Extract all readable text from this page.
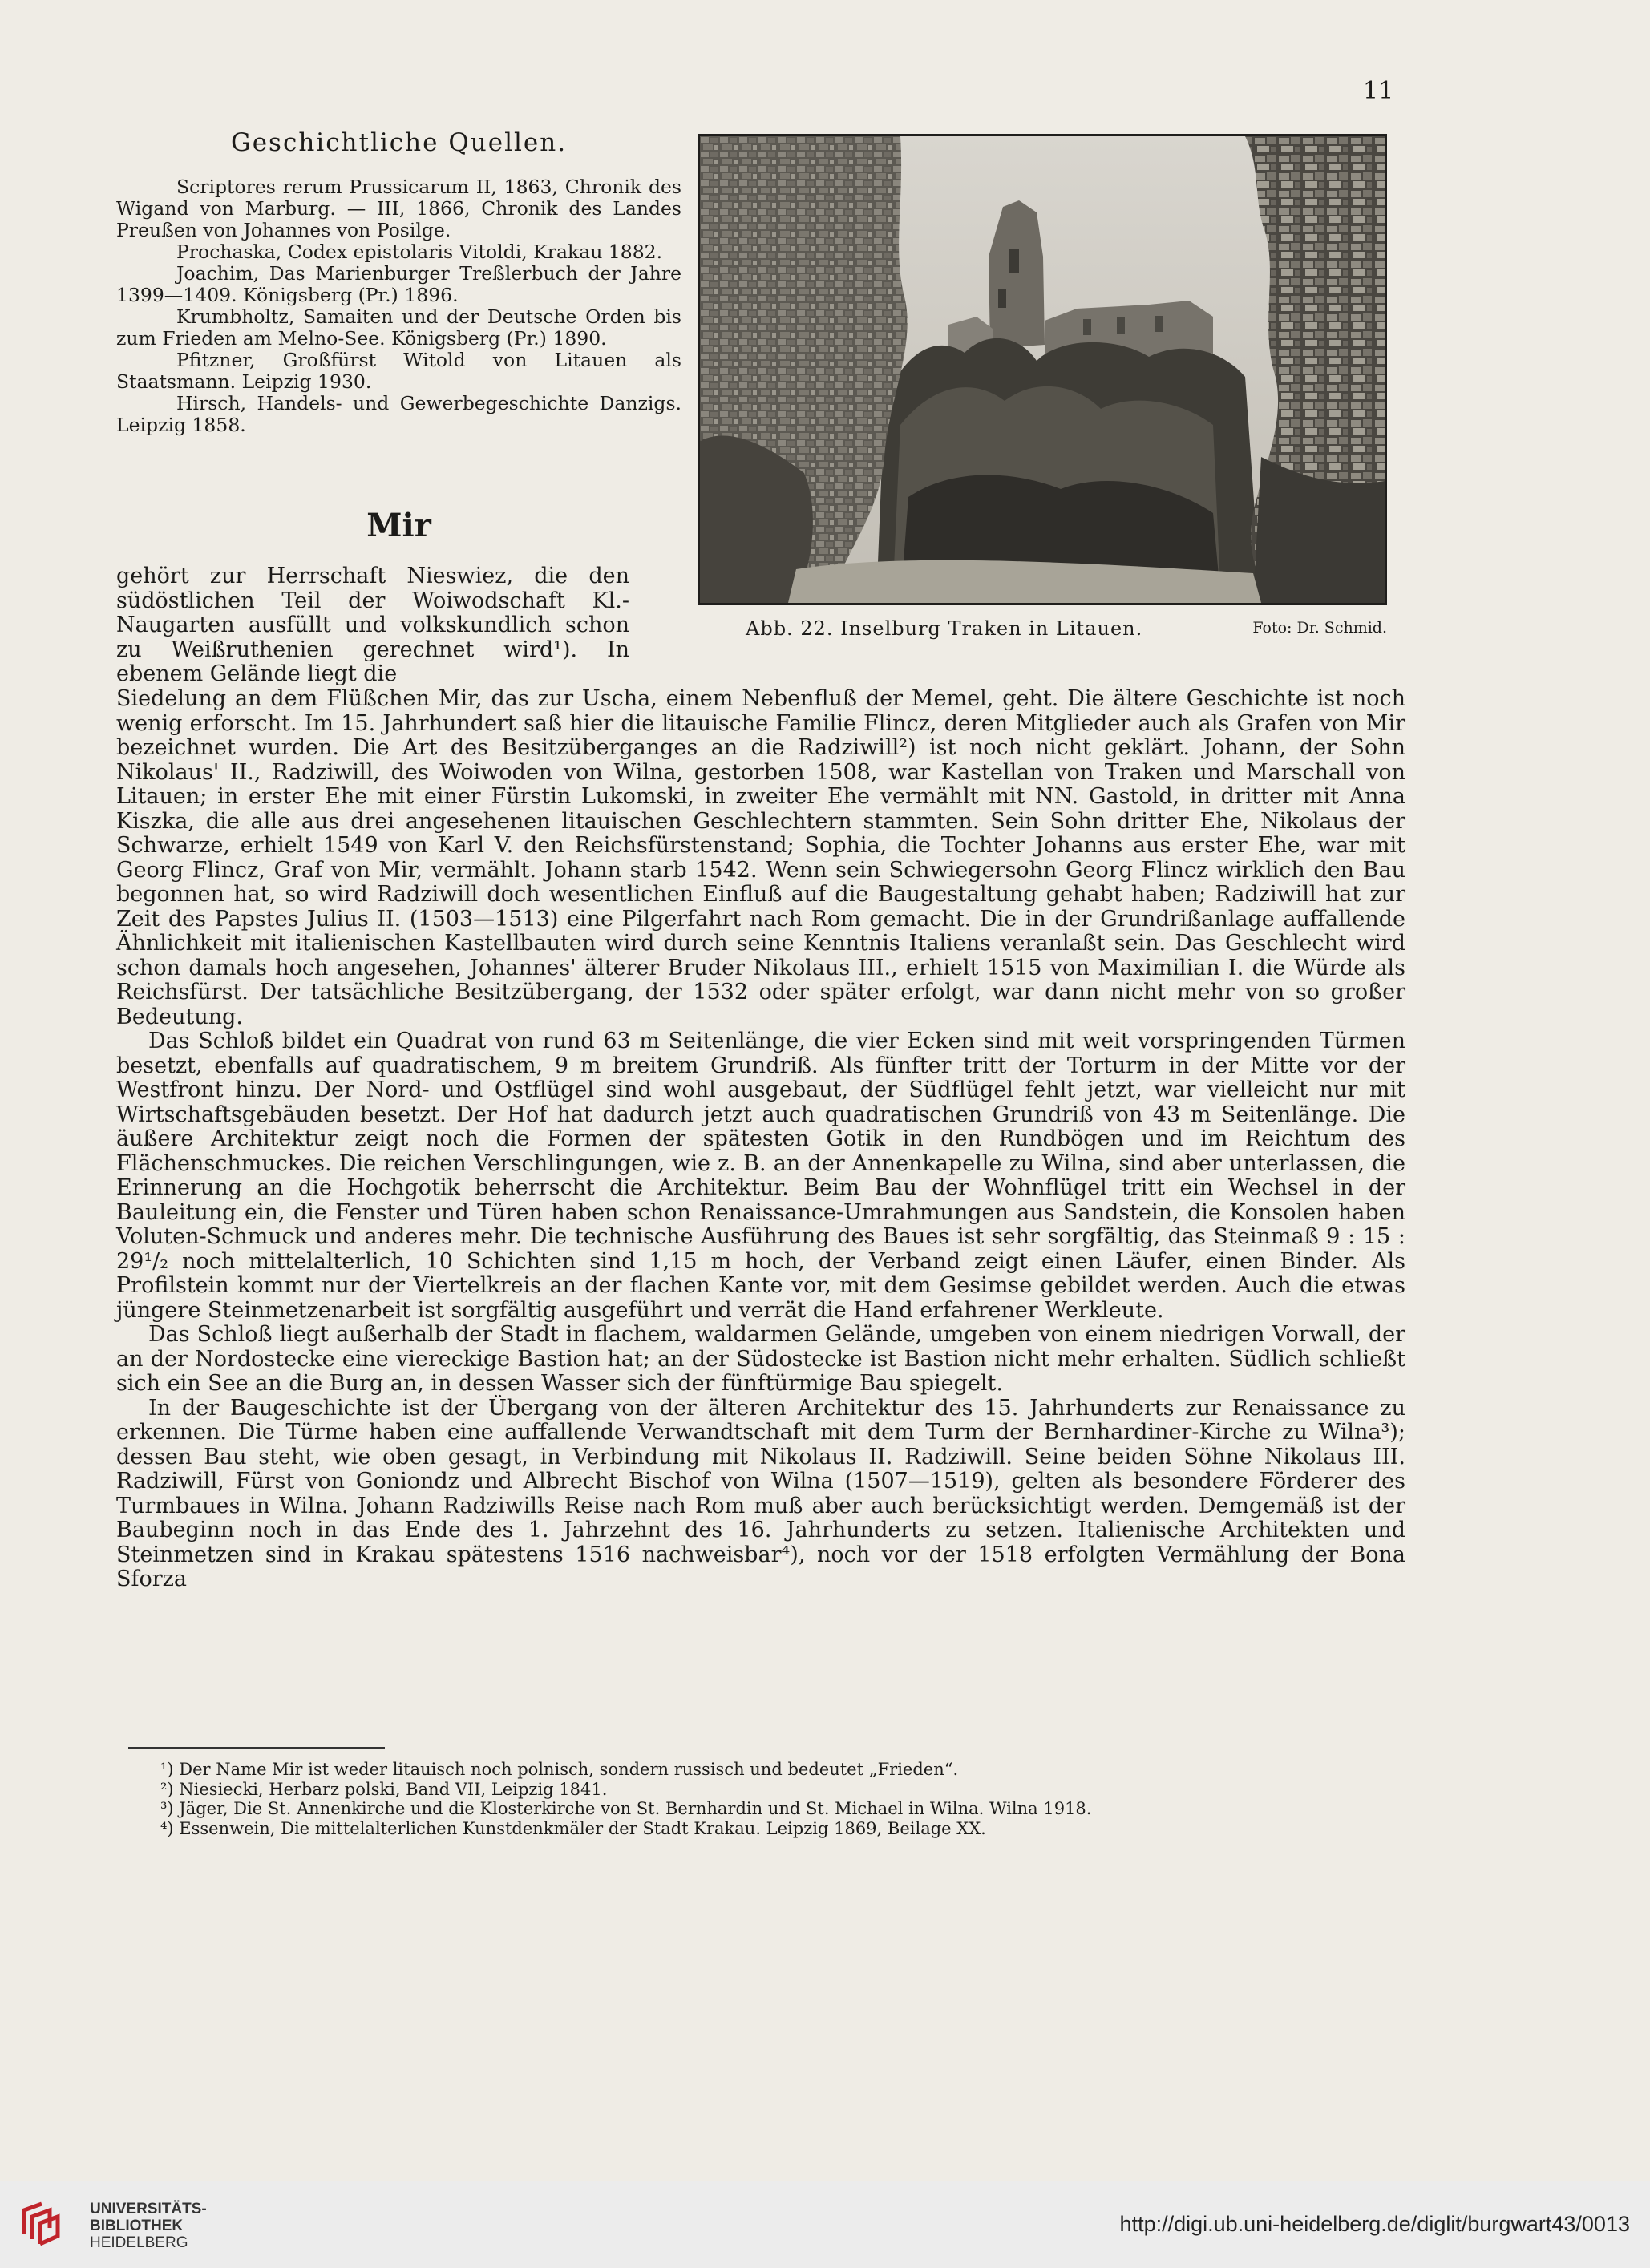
11
Geschichtliche Quellen.

Scriptores rerum Prussicarum II, 1863, Chronik des Wigand von Marburg. — III, 1866, Chronik des Landes Preußen von Johannes von Posilge.

Prochaska, Codex epistolaris Vitoldi, Krakau 1882.

Joachim, Das Marienburger Treßlerbuch der Jahre 1399—1409. Königsberg (Pr.) 1896.

Krumbholtz, Samaiten und der Deutsche Orden bis zum Frieden am Melno-See. Königsberg (Pr.) 1890.

Pfitzner, Großfürst Witold von Litauen als Staatsmann. Leipzig 1930.

Hirsch, Handels- und Gewerbegeschichte Danzigs. Leipzig 1858.

Mir
Abb. 22. Inselburg Traken in Litauen.	Foto: Dr. Schmid.

gehört zur Herrschaft Nieswiez, die den südöstlichen Teil der Woiwodschaft Kl.-Naugarten ausfüllt und volkskundlich schon zu Weißruthenien gerechnet wird¹). In ebenem Gelände liegt die

Siedelung an dem Flüßchen Mir, das zur Uscha, einem Nebenfluß der Memel, geht. Die ältere Geschichte ist noch wenig erforscht. Im 15. Jahrhundert saß hier die litauische Familie Flincz, deren Mitglieder auch als Grafen von Mir bezeichnet wurden. Die Art des Besitzüberganges an die Radziwill²) ist noch nicht geklärt. Johann, der Sohn Nikolaus' II., Radziwill, des Woiwoden von Wilna, gestorben 1508, war Kastellan von Traken und Marschall von Litauen; in erster Ehe mit einer Fürstin Lukomski, in zweiter Ehe vermählt mit NN. Gastold, in dritter mit Anna Kiszka, die alle aus drei angesehenen litauischen Geschlechtern stammten. Sein Sohn dritter Ehe, Nikolaus der Schwarze, erhielt 1549 von Karl V. den Reichsfürstenstand; Sophia, die Tochter Johanns aus erster Ehe, war mit Georg Flincz, Graf von Mir, vermählt. Johann starb 1542. Wenn sein Schwiegersohn Georg Flincz wirklich den Bau begonnen hat, so wird Radziwill doch wesentlichen Einfluß auf die Baugestaltung gehabt haben; Radziwill hat zur Zeit des Papstes Julius II. (1503—1513) eine Pilgerfahrt nach Rom gemacht. Die in der Grundrißanlage auffallende Ähnlichkeit mit italienischen Kastellbauten wird durch seine Kenntnis Italiens veranlaßt sein. Das Geschlecht wird schon damals hoch angesehen, Johannes' älterer Bruder Nikolaus III., erhielt 1515 von Maximilian I. die Würde als Reichsfürst. Der tatsächliche Besitzübergang, der 1532 oder später erfolgt, war dann nicht mehr von so großer Bedeutung.

Das Schloß bildet ein Quadrat von rund 63 m Seitenlänge, die vier Ecken sind mit weit vorspringenden Türmen besetzt, ebenfalls auf quadratischem, 9 m breitem Grundriß. Als fünfter tritt der Torturm in der Mitte vor der Westfront hinzu. Der Nord- und Ostflügel sind wohl ausgebaut, der Südflügel fehlt jetzt, war vielleicht nur mit Wirtschaftsgebäuden besetzt. Der Hof hat dadurch jetzt auch quadratischen Grundriß von 43 m Seitenlänge. Die äußere Architektur zeigt noch die Formen der spätesten Gotik in den Rundbögen und im Reichtum des Flächenschmuckes. Die reichen Verschlingungen, wie z. B. an der Annenkapelle zu Wilna, sind aber unterlassen, die Erinnerung an die Hochgotik beherrscht die Architektur. Beim Bau der Wohnflügel tritt ein Wechsel in der Bauleitung ein, die Fenster und Türen haben schon Renaissance-Umrahmungen aus Sandstein, die Konsolen haben Voluten-Schmuck und anderes mehr. Die technische Ausführung des Baues ist sehr sorgfältig, das Steinmaß 9 : 15 : 29¹/₂ noch mittelalterlich, 10 Schichten sind 1,15 m hoch, der Verband zeigt einen Läufer, einen Binder. Als Profilstein kommt nur der Viertelkreis an der flachen Kante vor, mit dem Gesimse gebildet werden. Auch die etwas jüngere Steinmetzenarbeit ist sorgfältig ausgeführt und verrät die Hand erfahrener Werkleute.

Das Schloß liegt außerhalb der Stadt in flachem, waldarmen Gelände, umgeben von einem niedrigen Vorwall, der an der Nordostecke eine viereckige Bastion hat; an der Südostecke ist Bastion nicht mehr erhalten. Südlich schließt sich ein See an die Burg an, in dessen Wasser sich der fünftürmige Bau spiegelt.

In der Baugeschichte ist der Übergang von der älteren Architektur des 15. Jahrhunderts zur Renaissance zu erkennen. Die Türme haben eine auffallende Verwandtschaft mit dem Turm der Bernhardiner-Kirche zu Wilna³); dessen Bau steht, wie oben gesagt, in Verbindung mit Nikolaus II. Radziwill. Seine beiden Söhne Nikolaus III. Radziwill, Fürst von Goniondz und Albrecht Bischof von Wilna (1507—1519), gelten als besondere Förderer des Turmbaues in Wilna. Johann Radziwills Reise nach Rom muß aber auch berücksichtigt werden. Demgemäß ist der Baubeginn noch in das Ende des 1. Jahrzehnt des 16. Jahrhunderts zu setzen. Italienische Architekten und Steinmetzen sind in Krakau spätestens 1516 nachweisbar⁴), noch vor der 1518 erfolgten Vermählung der Bona Sforza

¹) Der Name Mir ist weder litauisch noch polnisch, sondern russisch und bedeutet „Frieden“.

²) Niesiecki, Herbarz polski, Band VII, Leipzig 1841.

³) Jäger, Die St. Annenkirche und die Klosterkirche von St. Bernhardin und St. Michael in Wilna. Wilna 1918.

⁴) Essenwein, Die mittelalterlichen Kunstdenkmäler der Stadt Krakau. Leipzig 1869, Beilage XX.

UNIVERSITÄTS-
BIBLIOTHEK
HEIDELBERG
http://digi.ub.uni-heidelberg.de/diglit/burgwart43/0013
